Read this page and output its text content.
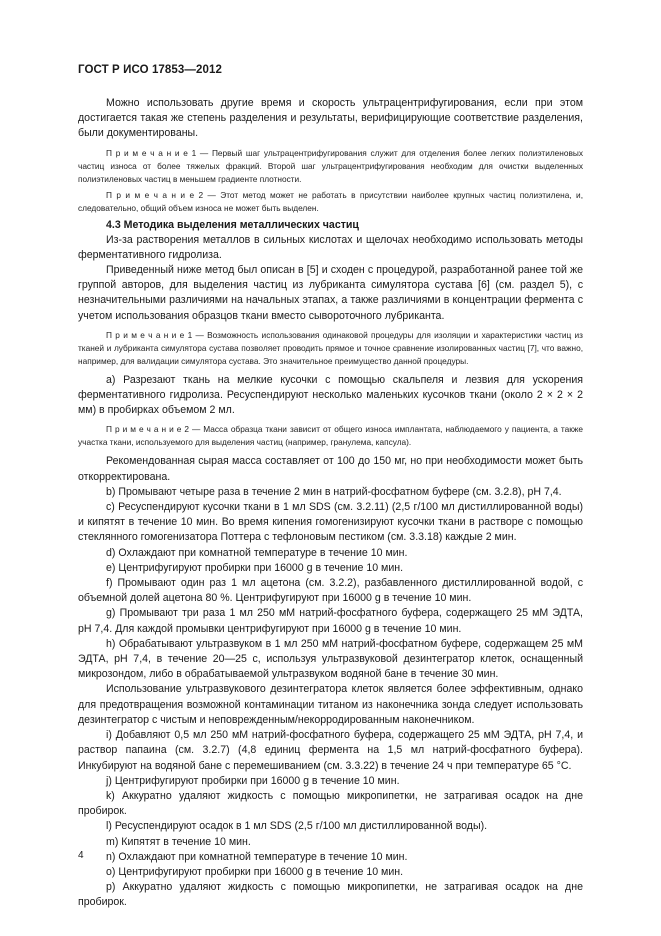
ГОСТ Р ИСО 17853—2012

Можно использовать другие время и скорость ультрацентрифугирования, если при этом достигается такая же степень разделения и результаты, верифицирующие соответствие разделения, были документированы.

П р и м е ч а н и е 1 — Первый шаг ультрацентрифугирования служит для отделения более легких полиэтиленовых частиц износа от более тяжелых фракций. Второй шаг ультрацентрифугирования необходим для очистки выделенных полиэтиленовых частиц в меньшем градиенте плотности.

П р и м е ч а н и е 2 — Этот метод может не работать в присутствии наиболее крупных частиц полиэтилена, и, следовательно, общий объем износа не может быть выделен.

4.3 Методика выделения металлических частиц

Из-за растворения металлов в сильных кислотах и щелочах необходимо использовать методы ферментативного гидролиза.

Приведенный ниже метод был описан в [5] и сходен с процедурой, разработанной ранее той же группой авторов, для выделения частиц из лубриканта симулятора сустава [6] (см. раздел 5), с незначительными различиями на начальных этапах, а также различиями в концентрации фермента с учетом использования образцов ткани вместо сывороточного лубриканта.

П р и м е ч а н и е 1 — Возможность использования одинаковой процедуры для изоляции и характеристики частиц из тканей и лубриканта симулятора сустава позволяет проводить прямое и точное сравнение изолированных частиц [7], что важно, например, для валидации симулятора сустава. Это значительное преимущество данной процедуры.

a) Разрезают ткань на мелкие кусочки с помощью скальпеля и лезвия для ускорения ферментативного гидролиза. Ресуспендируют несколько маленьких кусочков ткани (около 2 × 2 × 2 мм) в пробирках объемом 2 мл.

П р и м е ч а н и е 2 — Масса образца ткани зависит от общего износа имплантата, наблюдаемого у пациента, а также участка ткани, используемого для выделения частиц (например, гранулема, капсула).

Рекомендованная сырая масса составляет от 100 до 150 мг, но при необходимости может быть откорректирована.

b) Промывают четыре раза в течение 2 мин в натрий-фосфатном буфере (см. 3.2.8), pH 7,4.

c) Ресуспендируют кусочки ткани в 1 мл SDS (см. 3.2.11) (2,5 г/100 мл дистиллированной воды) и кипятят в течение 10 мин. Во время кипения гомогенизируют кусочки ткани в растворе с помощью стеклянного гомогенизатора Поттера с тефлоновым пестиком (см. 3.3.18) каждые 2 мин.

d) Охлаждают при комнатной температуре в течение 10 мин.

e) Центрифугируют пробирки при 16000 g в течение 10 мин.

f) Промывают один раз 1 мл ацетона (см. 3.2.2), разбавленного дистиллированной водой, с объемной долей ацетона 80 %. Центрифугируют при 16000 g в течение 10 мин.

g) Промывают три раза 1 мл 250 мМ натрий-фосфатного буфера, содержащего 25 мМ ЭДТА, pH 7,4. Для каждой промывки центрифугируют при 16000 g в течение 10 мин.

h) Обрабатывают ультразвуком в 1 мл 250 мМ натрий-фосфатном буфере, содержащем 25 мМ ЭДТА, pH 7,4, в течение 20—25 с, используя ультразвуковой дезинтегратор клеток, оснащенный микрозондом, либо в обрабатываемой ультразвуком водяной бане в течение 30 мин.

Использование ультразвукового дезинтегратора клеток является более эффективным, однако для предотвращения возможной контаминации титаном из наконечника зонда следует использовать дезинтегратор с чистым и неповрежденным/некорродированным наконечником.

i) Добавляют 0,5 мл 250 мМ натрий-фосфатного буфера, содержащего 25 мМ ЭДТА, pH 7,4, и раствор папаина (см. 3.2.7) (4,8 единиц фермента на 1,5 мл натрий-фосфатного буфера). Инкубируют на водяной бане с перемешиванием (см. 3.3.22) в течение 24 ч при температуре 65 °С.

j) Центрифугируют пробирки при 16000 g в течение 10 мин.

k) Аккуратно удаляют жидкость с помощью микропипетки, не затрагивая осадок на дне пробирок.

l) Ресуспендируют осадок в 1 мл SDS (2,5 г/100 мл дистиллированной воды).

m) Кипятят в течение 10 мин.

n) Охлаждают при комнатной температуре в течение 10 мин.

o) Центрифугируют пробирки при 16000 g в течение 10 мин.

p) Аккуратно удаляют жидкость с помощью микропипетки, не затрагивая осадок на дне пробирок.

4
